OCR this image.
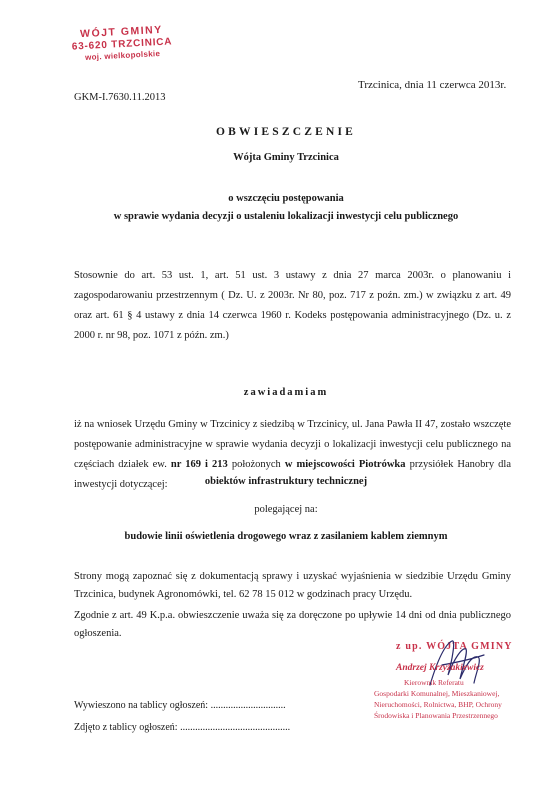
WÓJT GMINY
63-620 TRZCINICA
woj. wielkopolskie
Trzcinica, dnia 11 czerwca 2013r.
GKM-I.7630.11.2013
OBWIESZCZENIE
Wójta Gminy Trzcinica
o wszczęciu postępowania
w sprawie wydania decyzji o ustaleniu lokalizacji inwestycji celu publicznego

Stosownie do art. 53 ust. 1, art. 51 ust. 3 ustawy z dnia 27 marca 2003r. o planowaniu i zagospodarowaniu przestrzennym ( Dz. U. z 2003r. Nr 80, poz. 717 z poźn. zm.) w związku z art. 49 oraz art. 61 § 4 ustawy z dnia 14 czerwca 1960 r. Kodeks postępowania administracyjnego (Dz. u. z 2000 r. nr 98, poz. 1071 z późn. zm.)

zawiadamiam

iż na wniosek Urzędu Gminy w Trzcinicy z siedzibą w Trzcinicy, ul. Jana Pawła II 47, zostało wszczęte postępowanie administracyjne w sprawie wydania decyzji o lokalizacji inwestycji celu publicznego na częściach działek ew. nr 169 i 213 położonych w miejscowości Piotrówka przysiółek Hanobry dla inwestycji dotyczącej:	obiektów infrastruktury technicznej
polegającej na:
budowie linii oświetlenia drogowego wraz z zasilaniem kablem ziemnym

Strony mogą zapoznać się z dokumentacją sprawy i uzyskać wyjaśnienia w siedzibie Urzędu Gminy Trzcinica, budynek Agronomówki, tel. 62 78 15 012 w godzinach pracy Urzędu.

Zgodnie z art. 49 K.p.a. obwieszczenie uważa się za doręczone po upływie 14 dni od dnia publicznego ogłoszenia.

z up. WÓJTA GMINY
Andrzej Krzyżakiewicz
Kierownik Referatu
Gospodarki Komunalnej, Mieszkaniowej,
Nieruchomości, Rolnictwa, BHP, Ochrony
Środowiska i Planowania Przestrzennego
Wywieszono na tablicy ogłoszeń: ..............................
Zdjęto z tablicy ogłoszeń: ............................................
